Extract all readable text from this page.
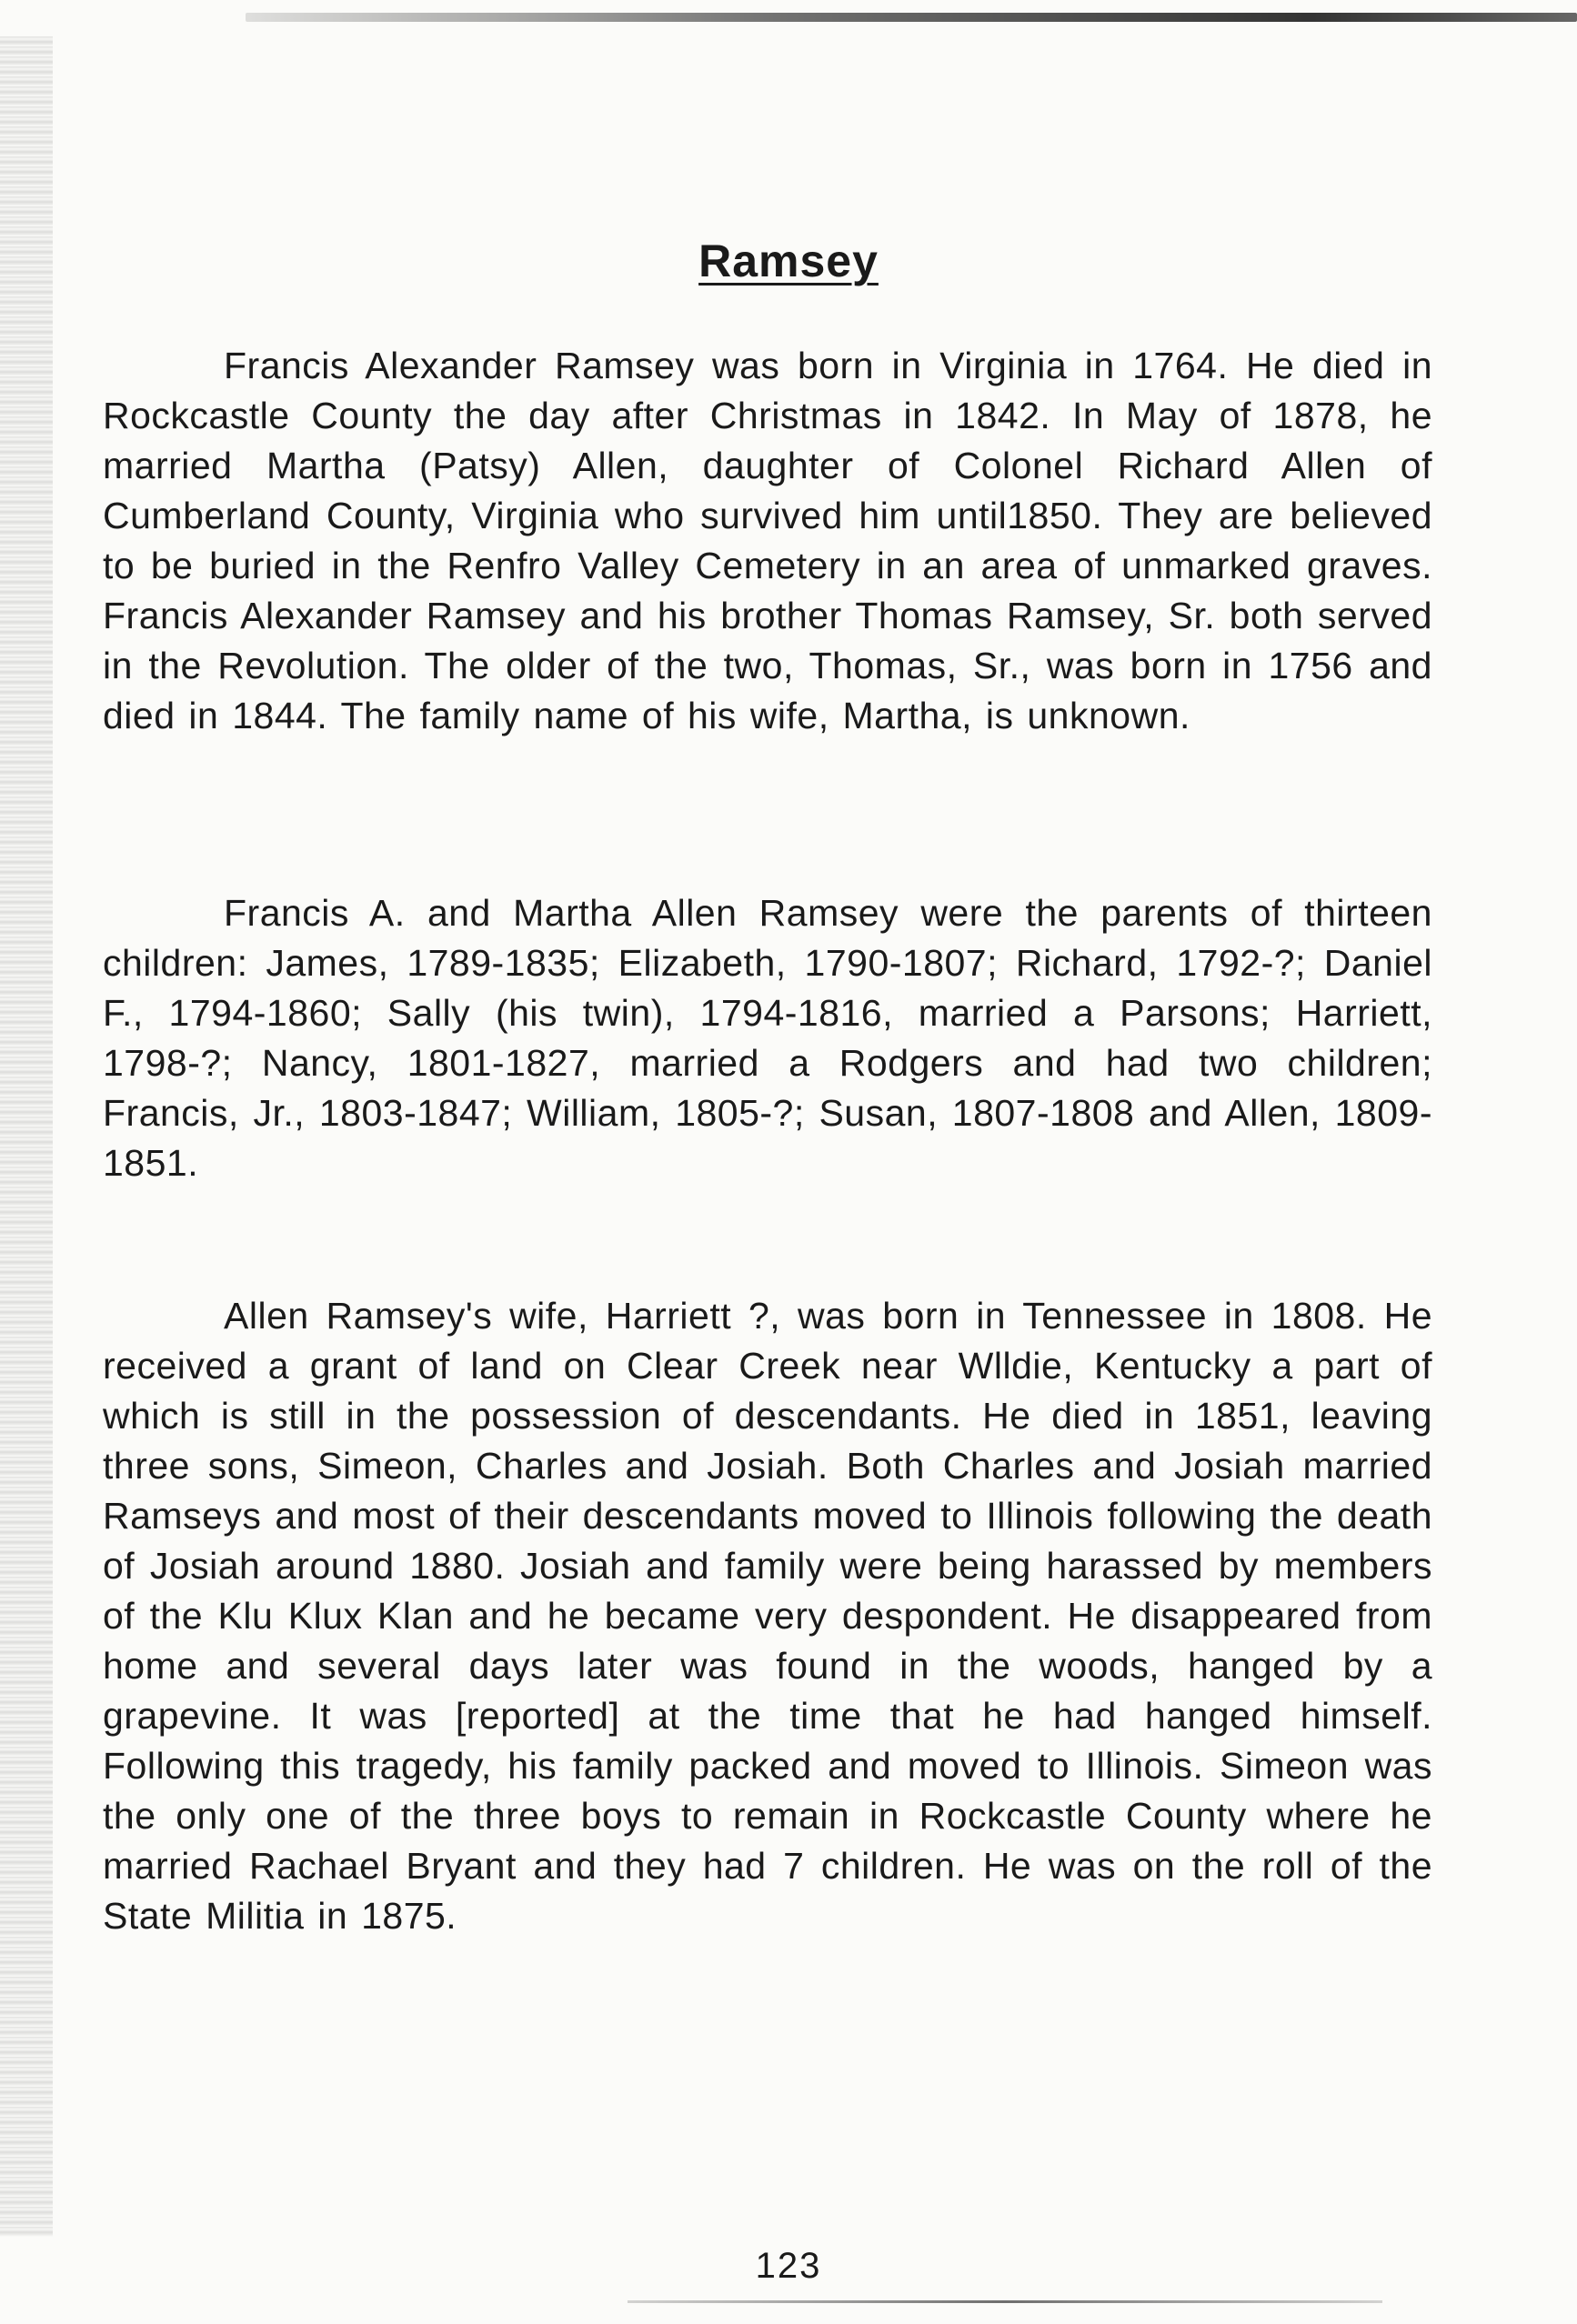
Ramsey

Francis Alexander Ramsey was born in Virginia in 1764. He died in Rockcastle County the day after Christmas in 1842. In May of 1878, he married Martha (Patsy) Allen, daughter of Colonel Richard Allen of Cumberland County, Virginia who survived him until1850. They are believed to be buried in the Renfro Valley Cemetery in an area of unmarked graves. Francis Alexander Ramsey and his brother Thomas Ramsey, Sr. both served in the Revolution. The older of the two, Thomas, Sr., was born in 1756 and died in 1844. The family name of his wife, Martha, is unknown.

Francis A. and Martha Allen Ramsey were the parents of thirteen children: James, 1789-1835; Elizabeth, 1790-1807; Richard, 1792-?; Daniel F., 1794-1860; Sally (his twin), 1794-1816, married a Parsons; Harriett, 1798-?; Nancy, 1801-1827, married a Rodgers and had two children; Francis, Jr., 1803-1847; William, 1805-?; Susan, 1807-1808 and Allen, 1809-1851.

Allen Ramsey's wife, Harriett ?, was born in Tennessee in 1808. He received a grant of land on Clear Creek near Wlldie, Kentucky a part of which is still in the possession of descendants. He died in 1851, leaving three sons, Simeon, Charles and Josiah. Both Charles and Josiah married Ramseys and most of their descendants moved to Illinois following the death of Josiah around 1880. Josiah and family were being harassed by members of the Klu Klux Klan and he became very despondent. He disappeared from home and several days later was found in the woods, hanged by a grapevine. It was [reported] at the time that he had hanged himself. Following this tragedy, his family packed and moved to Illinois. Simeon was the only one of the three boys to remain in Rockcastle County where he married Rachael Bryant and they had 7 children. He was on the roll of the State Militia in 1875.

123
